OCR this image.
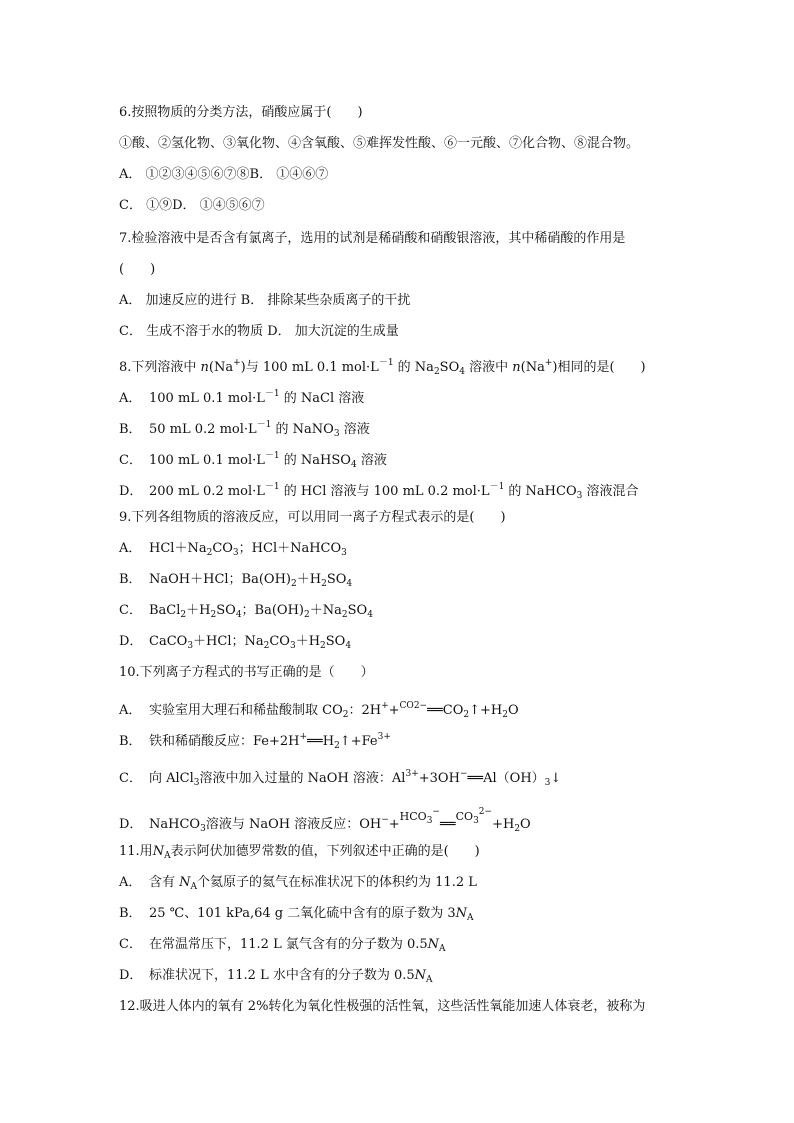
6.按照物质的分类方法，硝酸应属于(　　)
①酸、②氢化物、③氧化物、④含氧酸、⑤难挥发性酸、⑥一元酸、⑦化合物、⑧混合物。
A． ①②③④⑤⑥⑦⑧B． ①④⑥⑦
C． ①⑨D． ①④⑤⑥⑦
7.检验溶液中是否含有氯离子，选用的试剂是稀硝酸和硝酸银溶液，其中稀硝酸的作用是
(　　)
A． 加速反应的进行 B． 排除某些杂质离子的干扰
C． 生成不溶于水的物质 D． 加大沉淀的生成量
8.下列溶液中 n(Na+)与 100 mL 0.1 $mol\cdot L^{-1}$ 的 $Na_2SO_4$ 溶液中 n(Na+)相同的是(　　)
A． 100 mL 0.1 $mol\cdot L^{-1}$ 的 NaCl 溶液
B． 50 mL 0.2 $mol\cdot L^{-1}$ 的 NaNO$_3$ 溶液
C． 100 mL 0.1 $mol\cdot L^{-1}$ 的 NaHSO$_4$ 溶液
D． 200 mL 0.2 $mol\cdot L^{-1}$ 的 HCl 溶液与 100 mL 0.2 $mol\cdot L^{-1}$ 的 NaHCO$_3$ 溶液混合
9.下列各组物质的溶液反应，可以用同一离子方程式表示的是(　　)
A． $HCl+Na_2CO_3$；HCl＋NaHCO$_3$
B． NaOH＋HCl；$Ba(OH)_2+H_2SO_4$
C． $BaCl_2+H_2SO_4$；$Ba(OH)_2+Na_2SO_4$
D． CaCO$_3$＋HCl；$Na_2CO_3+H_2SO_4$
10.下列离子方程式的书写正确的是（　　）
A． 实验室用大理石和稀盐酸制取 $CO_2$：$2H^++CO2-══CO_2↑+H_2O$
B． 铁和稀硝酸反应：$Fe+2H^+══H_2↑+Fe^{3+}$
C． 向 AlCl$_3$溶液中加入过量的 NaOH 溶液：$Al^{3+}+3OH^-══Al(OH)_3↓$
D． NaHCO$_3$溶液与 NaOH 溶液反应：$OH^-+HCO_3^-══CO_3^{2-}+H_2O$
11.用$N_A$表示阿伏加德罗常数的值，下列叙述中正确的是(　　)
A． 含有 $N_A$个氦原子的氦气在标准状况下的体积约为 11.2 L
B． 25 ℃、101 kPa,64 g 二氧化硫中含有的原子数为 $3N_A$
C． 在常温常压下，11.2 L 氯气含有的分子数为 $0.5N_A$
D． 标准状况下，11.2 L 水中含有的分子数为 $0.5N_A$
12.吸进人体内的氧有 2%转化为氧化性极强的活性氧，这些活性氧能加速人体衰老，被称为
